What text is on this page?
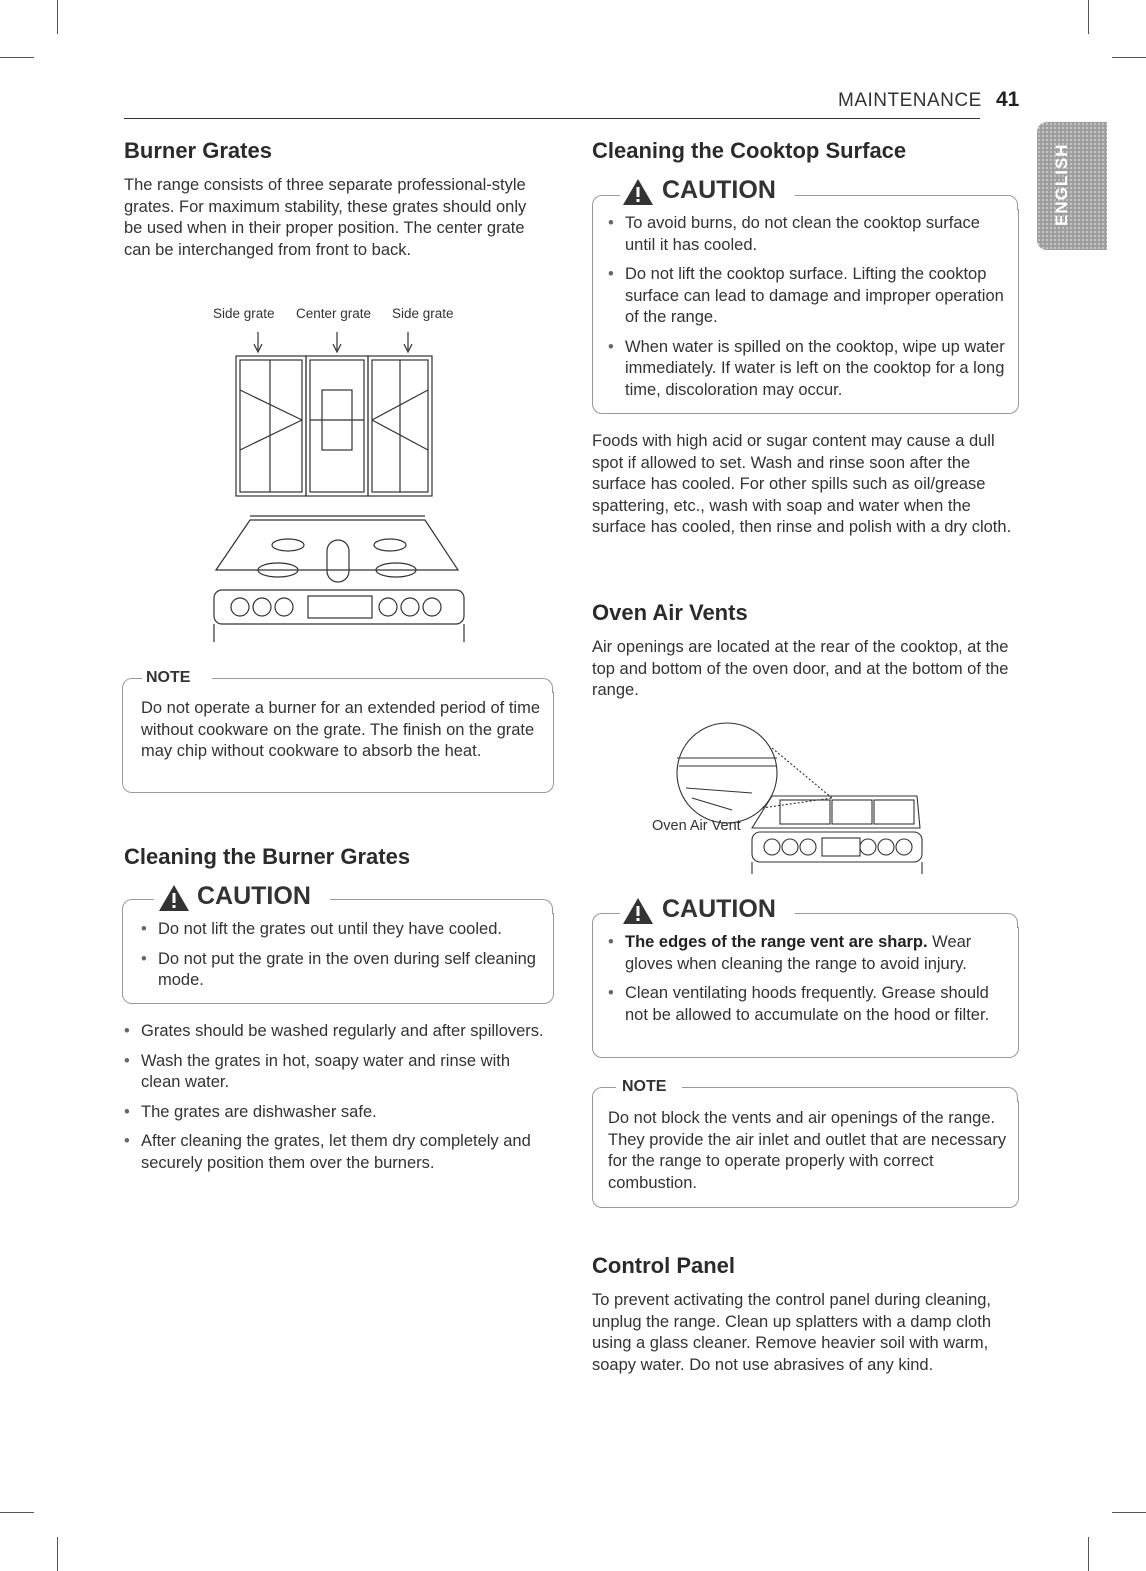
MAINTENANCE 41
ENGLISH
Burner Grates

The range consists of three separate professional-style grates. For maximum stability, these grates should only be used when in their proper position. The center grate can be interchanged from front to back.

Side grate Center grate Side grate
NOTE

Do not operate a burner for an extended period of time without cookware on the grate. The finish on the grate may chip without cookware to absorb the heat.

Cleaning the Burner Grates
CAUTION
• Do not lift the grates out until they have cooled.
• Do not put the grate in the oven during self cleaning mode.
• Grates should be washed regularly and after spillovers.
• Wash the grates in hot, soapy water and rinse with clean water.
• The grates are dishwasher safe.
• After cleaning the grates, let them dry completely and securely position them over the burners.
Cleaning the Cooktop Surface
CAUTION
• To avoid burns, do not clean the cooktop surface until it has cooled.
• Do not lift the cooktop surface. Lifting the cooktop surface can lead to damage and improper operation of the range.
• When water is spilled on the cooktop, wipe up water immediately. If water is left on the cooktop for a long time, discoloration may occur.

Foods with high acid or sugar content may cause a dull spot if allowed to set. Wash and rinse soon after the surface has cooled. For other spills such as oil/grease spattering, etc., wash with soap and water when the surface has cooled, then rinse and polish with a dry cloth.

Oven Air Vents

Air openings are located at the rear of the cooktop, at the top and bottom of the oven door, and at the bottom of the range.

Oven Air Vent
CAUTION
• The edges of the range vent are sharp. Wear gloves when cleaning the range to avoid injury.
• Clean ventilating hoods frequently. Grease should not be allowed to accumulate on the hood or filter.
NOTE

Do not block the vents and air openings of the range. They provide the air inlet and outlet that are necessary for the range to operate properly with correct combustion.

Control Panel

To prevent activating the control panel during cleaning, unplug the range. Clean up splatters with a damp cloth using a glass cleaner. Remove heavier soil with warm, soapy water. Do not use abrasives of any kind.
